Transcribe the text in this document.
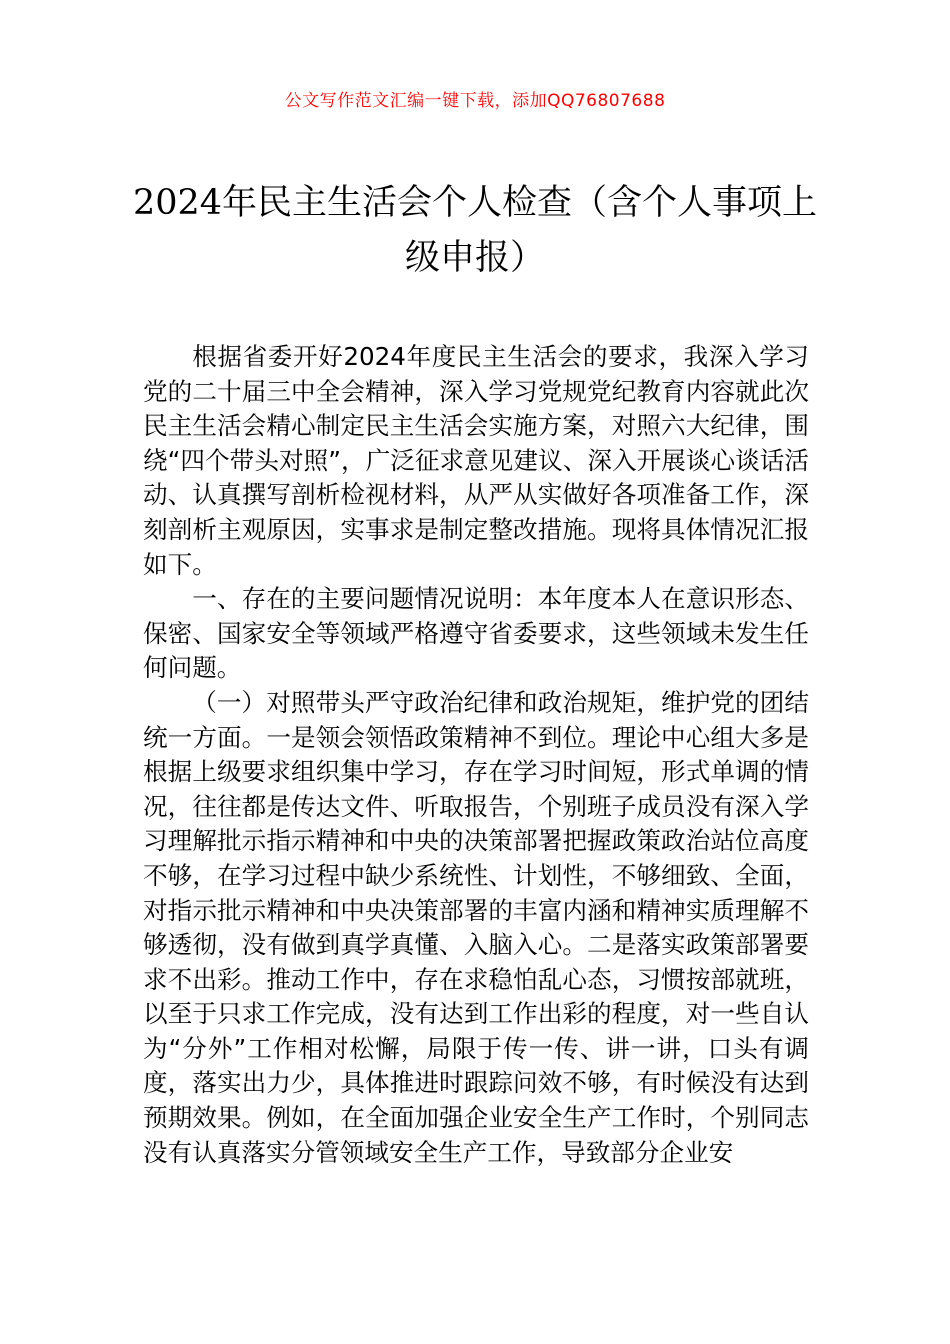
公文写作范文汇编一键下载，添加QQ76807688
2024年民主生活会个人检查（含个人事项上级申报）

根据省委开好2024年度民主生活会的要求，我深入学习党的二十届三中全会精神，深入学习党规党纪教育内容就此次民主生活会精心制定民主生活会实施方案，对照六大纪律，围绕“四个带头对照”，广泛征求意见建议、深入开展谈心谈话活动、认真撰写剖析检视材料，从严从实做好各项准备工作，深刻剖析主观原因，实事求是制定整改措施。现将具体情况汇报如下。

一、存在的主要问题情况说明：本年度本人在意识形态、保密、国家安全等领域严格遵守省委要求，这些领域未发生任何问题。

（一）对照带头严守政治纪律和政治规矩，维护党的团结统一方面。一是领会领悟政策精神不到位。理论中心组大多是根据上级要求组织集中学习，存在学习时间短，形式单调的情况，往往都是传达文件、听取报告，个别班子成员没有深入学习理解批示指示精神和中央的决策部署把握政策政治站位高度不够，在学习过程中缺少系统性、计划性，不够细致、全面，对指示批示精神和中央决策部署的丰富内涵和精神实质理解不够透彻，没有做到真学真懂、入脑入心。二是落实政策部署要求不出彩。推动工作中，存在求稳怕乱心态，习惯按部就班，以至于只求工作完成，没有达到工作出彩的程度，对一些自认为“分外”工作相对松懈，局限于传一传、讲一讲，口头有调度，落实出力少，具体推进时跟踪问效不够，有时候没有达到预期效果。例如，在全面加强企业安全生产工作时，个别同志没有认真落实分管领域安全生产工作，导致部分企业安
